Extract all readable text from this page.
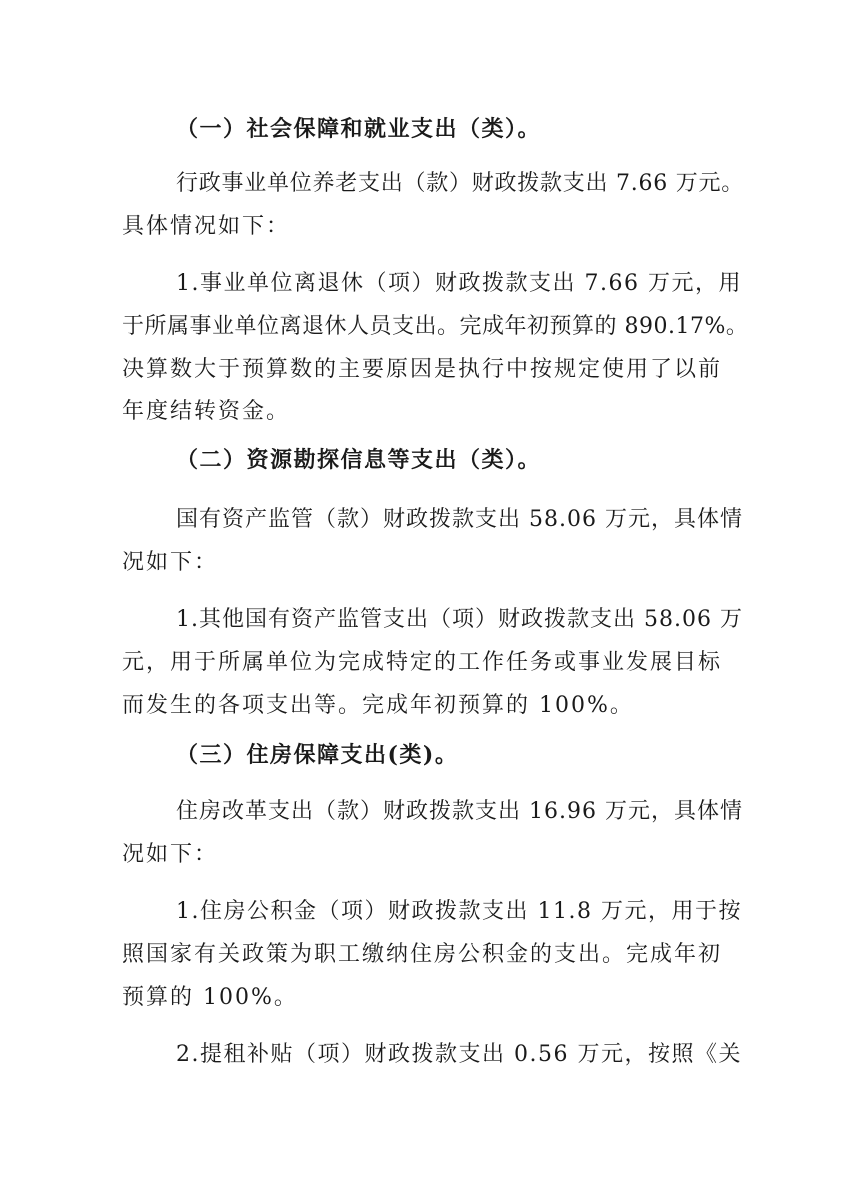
（一）社会保障和就业支出（类）。

行政事业单位养老支出（款）财政拨款支出 7.66 万元。

具体情况如下：

1.事业单位离退休（项）财政拨款支出 7.66 万元，用

于所属事业单位离退休人员支出。完成年初预算的 890.17%。

决算数大于预算数的主要原因是执行中按规定使用了以前

年度结转资金。

（二）资源勘探信息等支出（类）。

国有资产监管（款）财政拨款支出 58.06 万元，具体情

况如下：

1.其他国有资产监管支出（项）财政拨款支出 58.06 万

元，用于所属单位为完成特定的工作任务或事业发展目标

而发生的各项支出等。完成年初预算的 100%。

（三）住房保障支出(类)。

住房改革支出（款）财政拨款支出 16.96 万元，具体情

况如下：

1.住房公积金（项）财政拨款支出 11.8 万元，用于按

照国家有关政策为职工缴纳住房公积金的支出。完成年初

预算的 100%。

2.提租补贴（项）财政拨款支出 0.56 万元，按照《关
